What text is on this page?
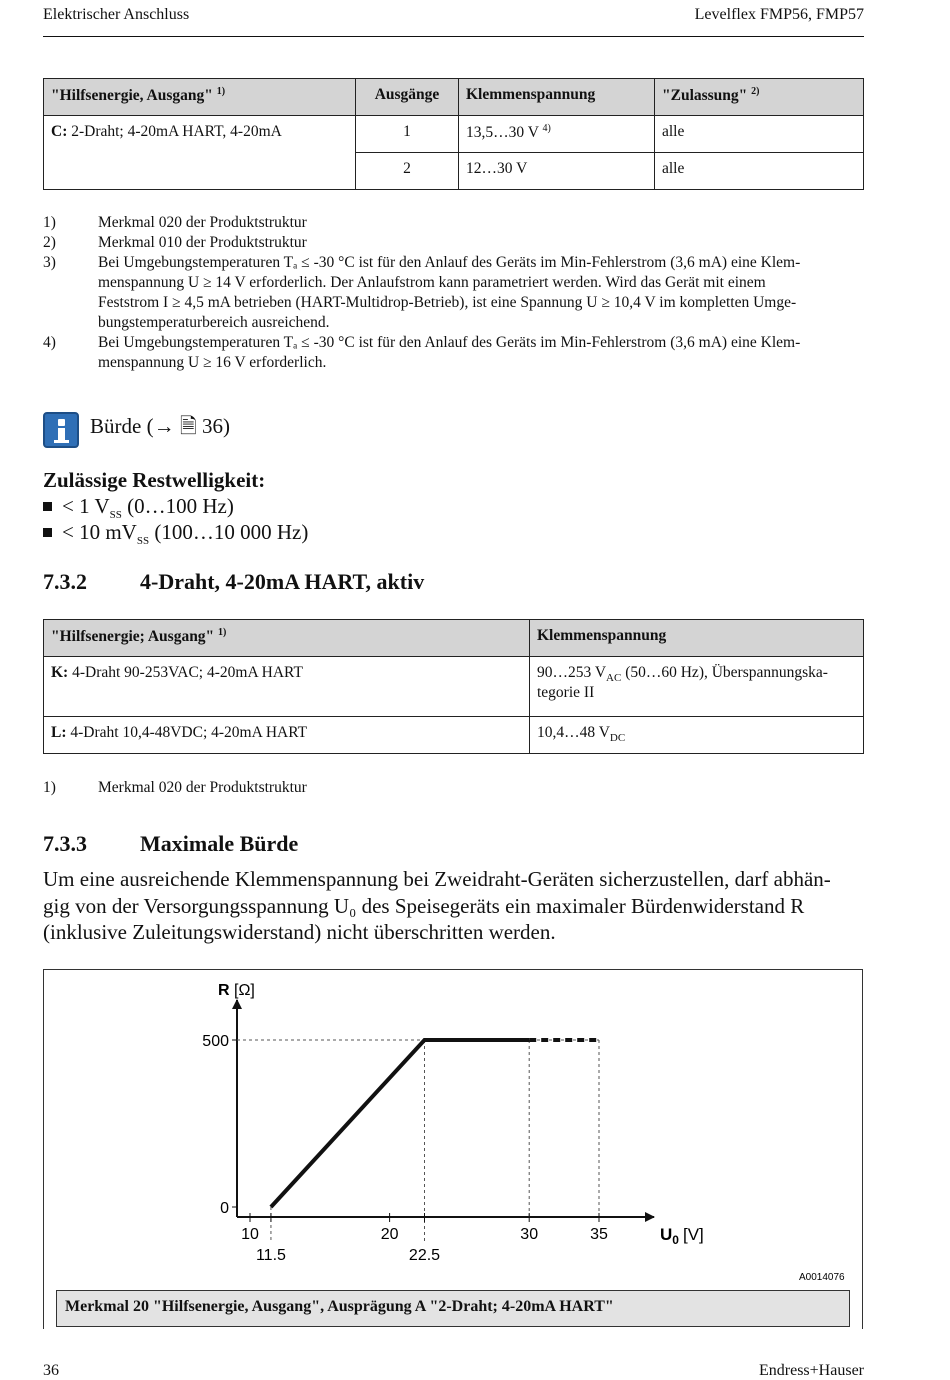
Elektrischer Anschluss	Levelflex FMP56, FMP57
"Hilfsenergie, Ausgang" $^{1)}$	Ausgänge	Klemmenspannung	"Zulassung" $^{2)}$
C: 2-Draht; 4-20mA HART, 4-20mA	1	13,5…30 V $^{4)}$	alle
	2	12…30 V	alle
1)	Merkmal 020 der Produktstruktur
2)	Merkmal 010 der Produktstruktur
3)	Bei Umgebungstemperaturen Tₐ ≤ -30 °C ist für den Anlauf des Geräts im Min-Fehlerstrom (3,6 mA) eine Klem-
menspannung U ≥ 14 V erforderlich. Der Anlaufstrom kann parametriert werden. Wird das Gerät mit einem
Feststrom I ≥ 4,5 mA betrieben (HART-Multidrop-Betrieb), ist eine Spannung U ≥ 10,4 V im kompletten Umge-
bungstemperaturbereich ausreichend.
4)	Bei Umgebungstemperaturen Tₐ ≤ -30 °C ist für den Anlauf des Geräts im Min-Fehlerstrom (3,6 mA) eine Klem-
menspannung U ≥ 16 V erforderlich.
Bürde (→ 🗎 36)
Zulässige Restwelligkeit:
< 1 $V_{SS}$ (0…100 Hz)
< 10 $mV_{SS}$ (100…10 000 Hz)
7.3.2 4-Draht, 4-20mA HART, aktiv
"Hilfsenergie; Ausgang" $^{1)}$	Klemmenspannung
K: 4-Draht 90-253VAC; 4-20mA HART	90…253 $V_{AC}$ (50…60 Hz), Überspannungska-
tegorie II

L: 4-Draht 10,4-48VDC; 4-20mA HART	10,4…48 $V_{DC}$
1)	Merkmal 020 der Produktstruktur
7.3.3 Maximale Bürde
Um eine ausreichende Klemmenspannung bei Zweidraht-Geräten sicherzustellen, darf abhän-
gig von der Versorgungsspannung U₀ des Speisegeräts ein maximaler Bürdenwiderstand R
(inklusive Zuleitungswiderstand) nicht überschritten werden.
10	20	30	35
11.5	22.5
500
0
R [Ω]
$U_0$ [V]
A0014076
Merkmal 20 "Hilfsenergie, Ausgang", Ausprägung A "2-Draht; 4-20mA HART"
36	Endress+Hauser
